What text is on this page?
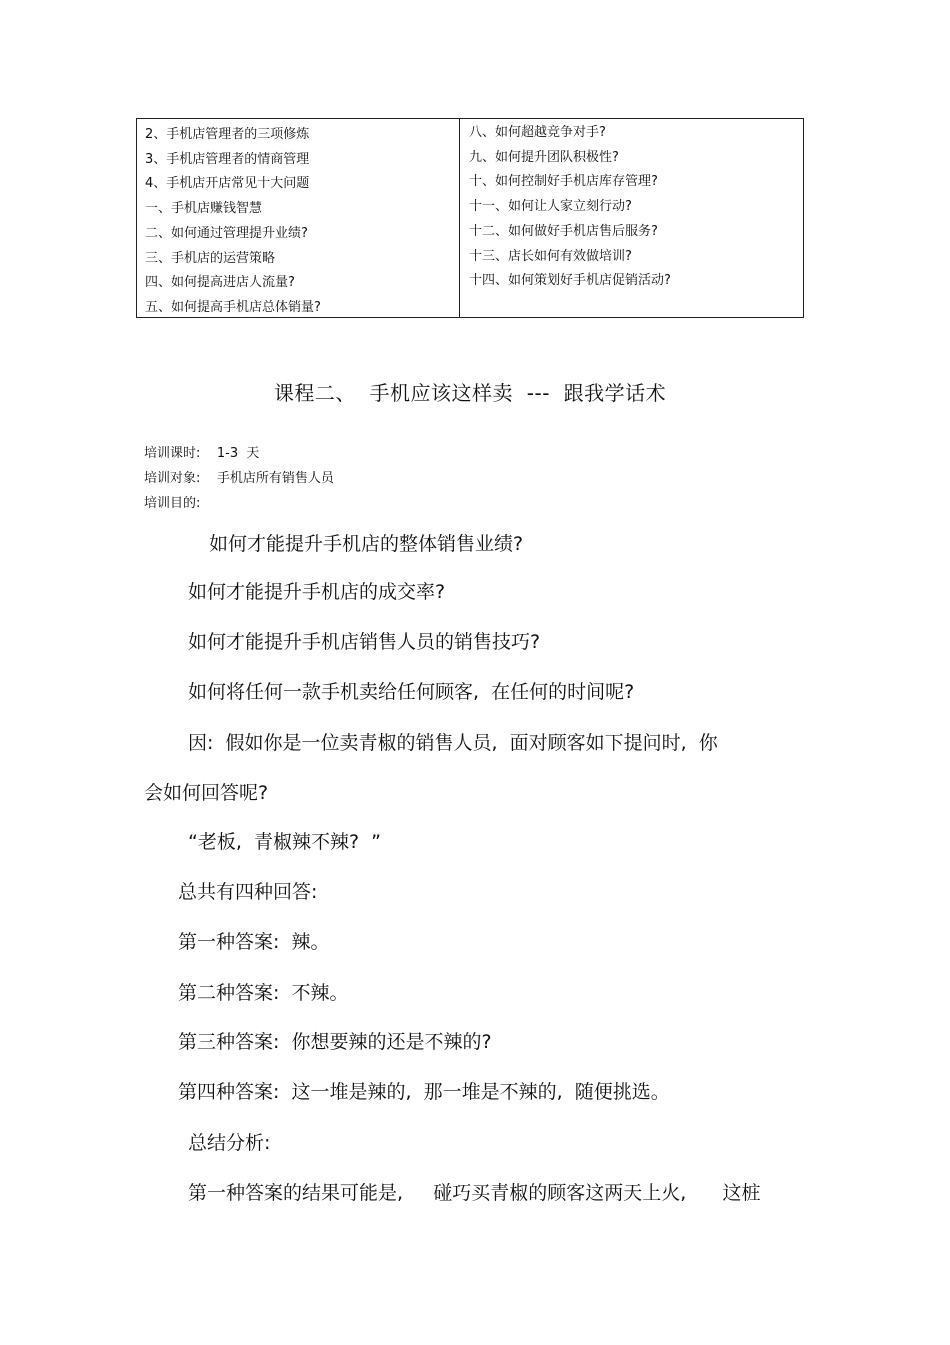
2、手机店管理者的三项修炼
3、手机店管理者的情商管理
4、手机店开店常见十大问题
一、手机店赚钱智慧
二、如何通过管理提升业绩?
三、手机店的运营策略
四、如何提高进店人流量?
五、如何提高手机店总体销量?
八、如何超越竞争对手?
九、如何提升团队积极性?
十、如何控制好手机店库存管理?
十一、如何让人家立刻行动?
十二、如何做好手机店售后服务?
十三、店长如何有效做培训?
十四、如何策划好手机店促销活动?
课程二、  手机应该这样卖  ---  跟我学话术
培训课时:    1-3  天
培训对象:    手机店所有销售人员
培训目的:
如何才能提升手机店的整体销售业绩?
如何才能提升手机店的成交率?
如何才能提升手机店销售人员的销售技巧?
如何将任何一款手机卖给任何顾客,  在任何的时间呢?
因:  假如你是一位卖青椒的销售人员,  面对顾客如下提问时,  你
会如何回答呢?
“老板,  青椒辣不辣?  ”
总共有四种回答:
第一种答案:  辣。
第二种答案:  不辣。
第三种答案:  你想要辣的还是不辣的?
第四种答案:  这一堆是辣的,  那一堆是不辣的,  随便挑选。
总结分析:
第一种答案的结果可能是,     碰巧买青椒的顾客这两天上火,      这桩
